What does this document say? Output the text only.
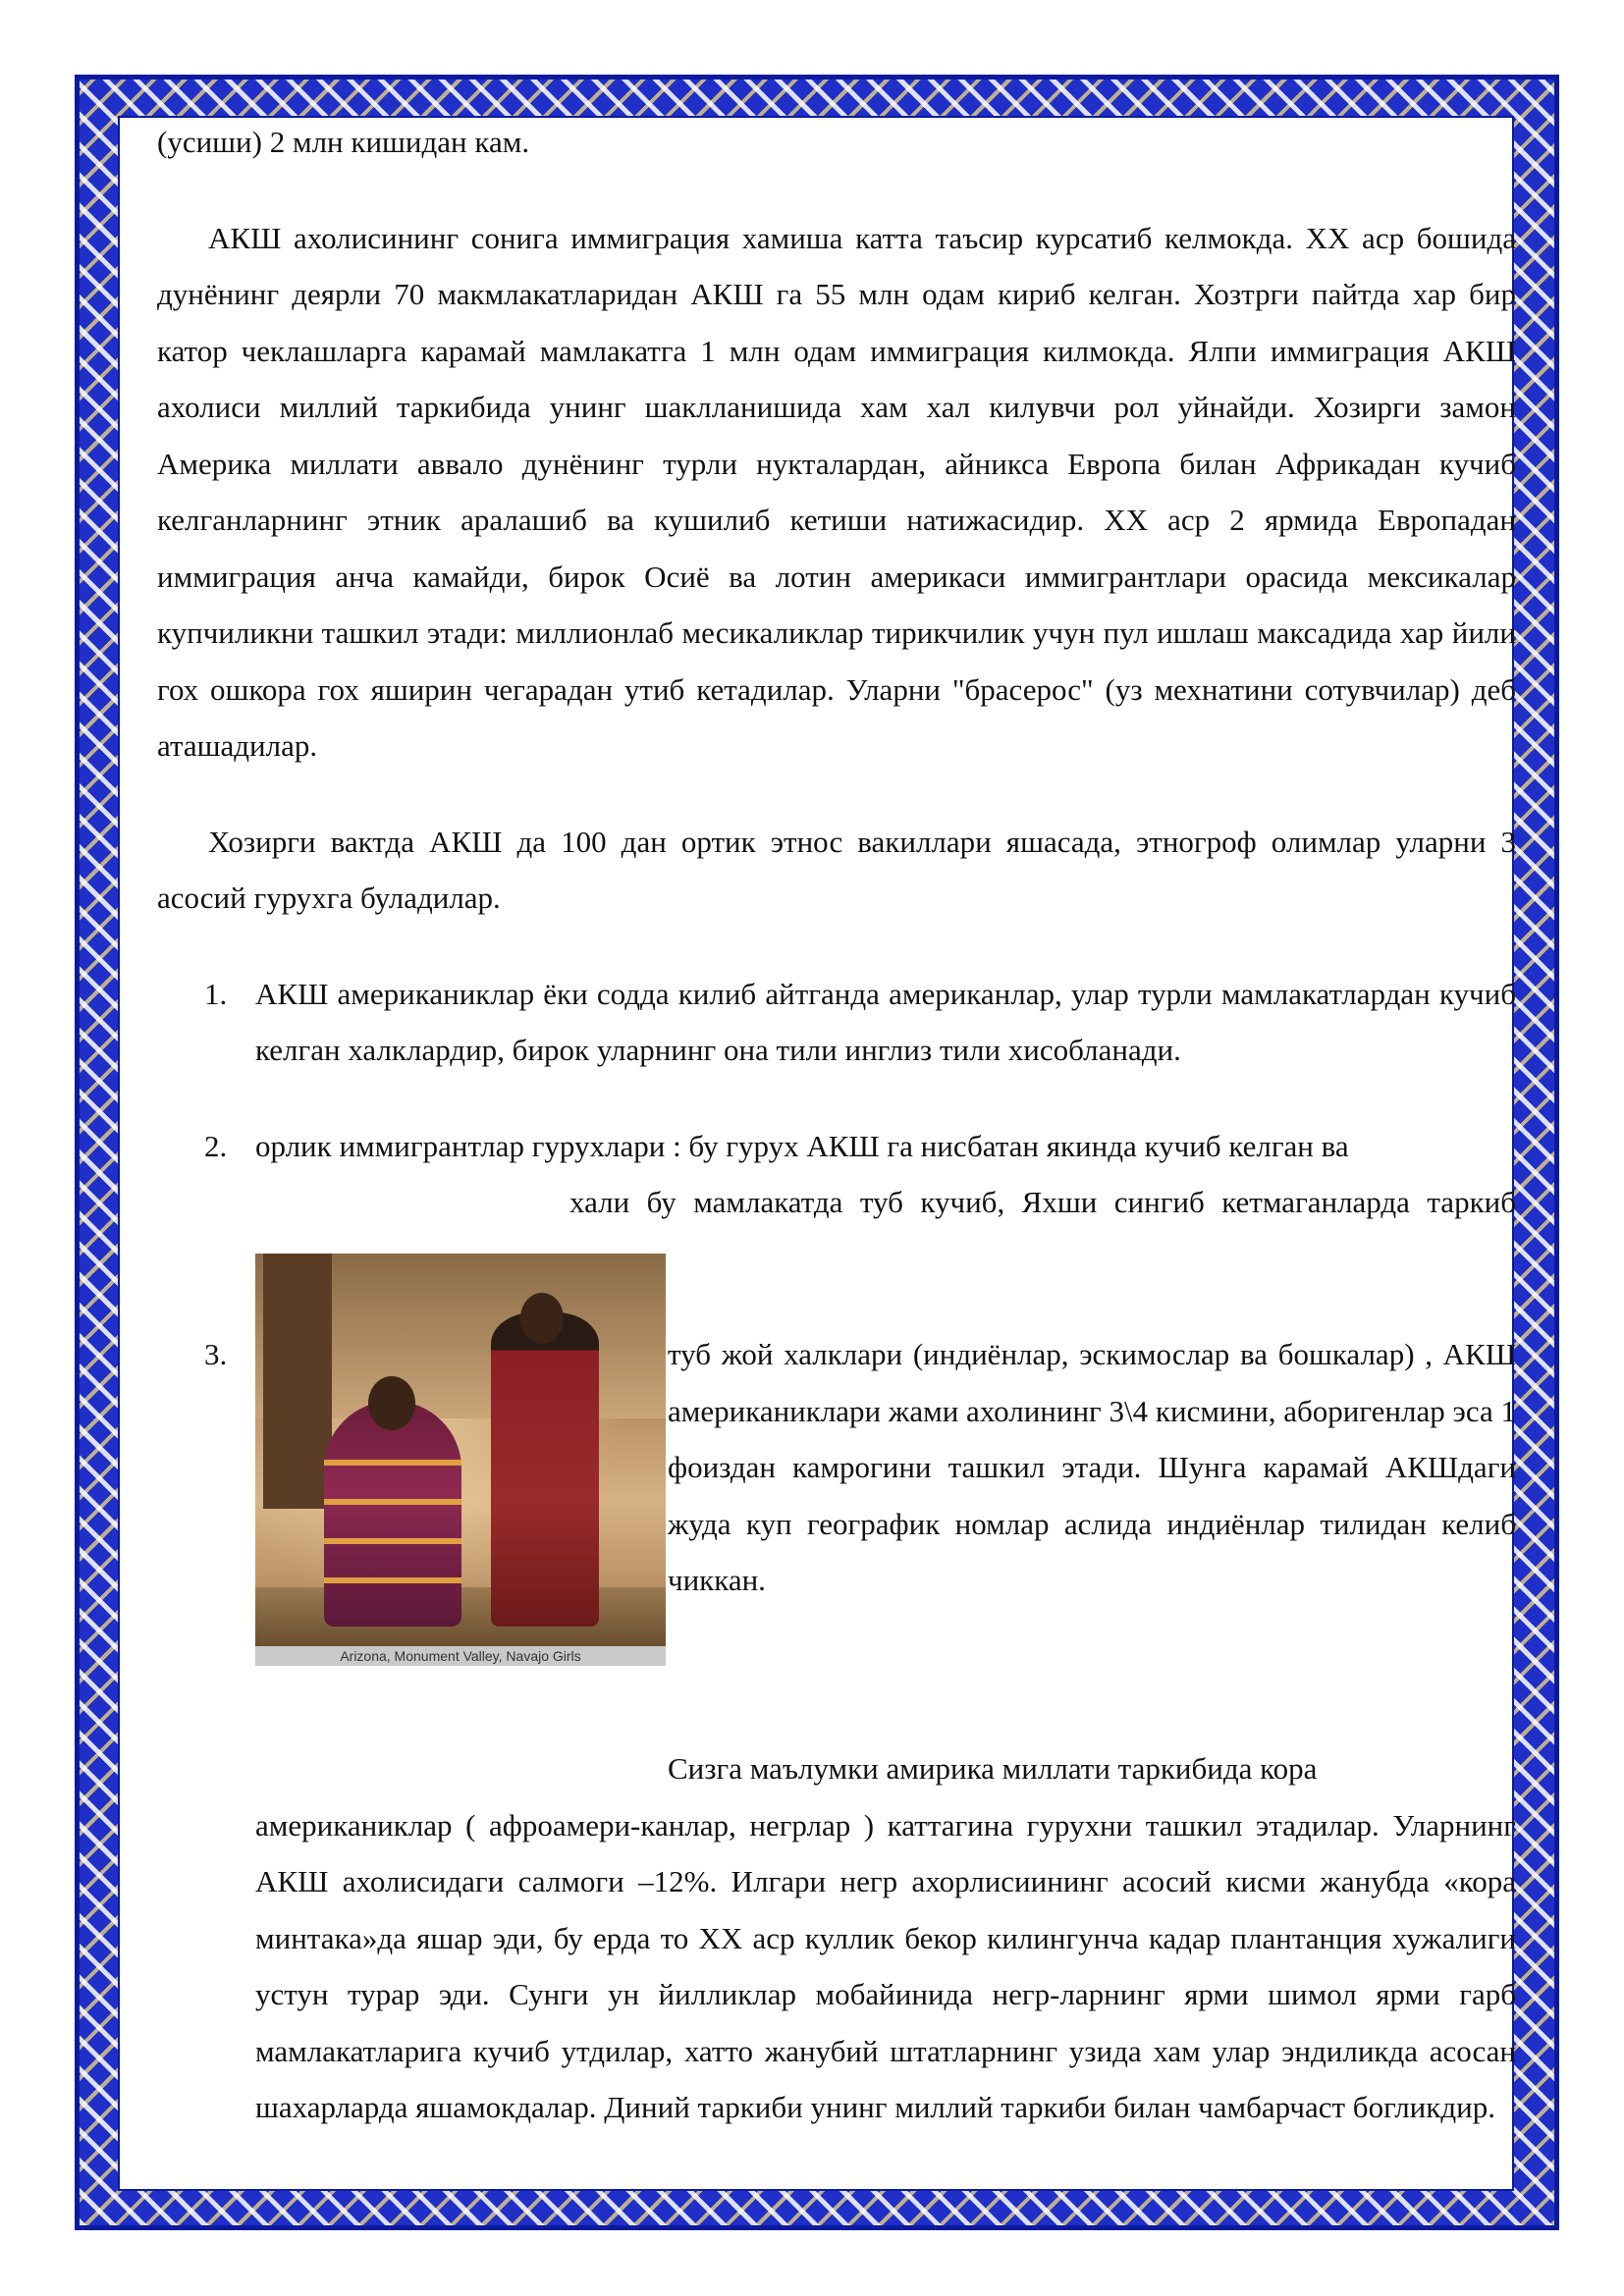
(усиши) 2 млн кишидан кам.

АКШ ахолисининг сонига иммиграция хамиша катта таъсир курсатиб келмокда. ХХ аср бошида дунёнинг деярли 70 макмлакатларидан АКШ га 55 млн одам кириб келган. Хозтрги пайтда хар бир катор чеклашларга карамай мамлакатга 1 млн одам иммиграция килмокда. Ялпи иммиграция АКШ ахолиси миллий таркибида унинг шаклланишида хам хал килувчи рол уйнайди. Хозирги замон Америка миллати аввало дунёнинг турли нукталардан, айникса Европа билан Африкадан кучиб келганларнинг этник аралашиб ва кушилиб кетиши натижасидир. ХХ аср 2 ярмида Европадан иммиграция анча камайди, бирок Осиё ва лотин америкаси иммигрантлари орасида мексикалар купчиликни ташкил этади: миллионлаб месикаликлар тирикчилик учун пул ишлаш максадида хар йили гох ошкора гох яширин чегарадан утиб кетадилар. Уларни "брасерос" (уз мехнатини сотувчилар) деб аташадилар.

Хозирги вактда АКШ да 100 дан ортик этнос вакиллари яшасада, этногроф олимлар уларни 3 асосий гурухга буладилар.

1. АКШ американиклар ёки содда килиб айтганда американлар, улар турли мамлакатлардан кучиб келган халклардир, бирок уларнинг она тили инглиз тили хисобланади.
2. орлик иммигрантлар гурухлари : бу гурух АКШ га нисбатан якинда кучиб келган ва
хали бу мамлакатда туб кучиб, Яхши сингиб кетмаганларда таркиб
3.
Arizona, Monument Valley, Navajo Girls
туб жой халклари (индиёнлар, эскимослар ва бошкалар) , АКШ американиклари жами ахолининг 3\4 кисмини, аборигенлар эса 1 фоиздан камрогини ташкил этади. Шунга карамай АКШдаги жуда куп географик номлар аслида индиёнлар тилидан келиб чиккан.
Сизга маълумки амирика миллати таркибида кора
американиклар ( афроамери-канлар, негрлар ) каттагина гурухни ташкил этадилар. Уларнинг АКШ ахолисидаги салмоги –12%. Илгари негр ахорлисиининг асосий кисми жанубда «кора минтака»да яшар эди, бу ерда то ХХ аср куллик бекор килингунча кадар плантанция хужалиги устун турар эди. Сунги ун йилликлар мобайинида негр-ларнинг ярми шимол ярми гарб мамлакатларига кучиб утдилар, хатто жанубий штатларнинг узида хам улар эндиликда асосан шахарларда яшамокдалар. Диний таркиби унинг миллий таркиби билан чамбарчаст богликдир.
